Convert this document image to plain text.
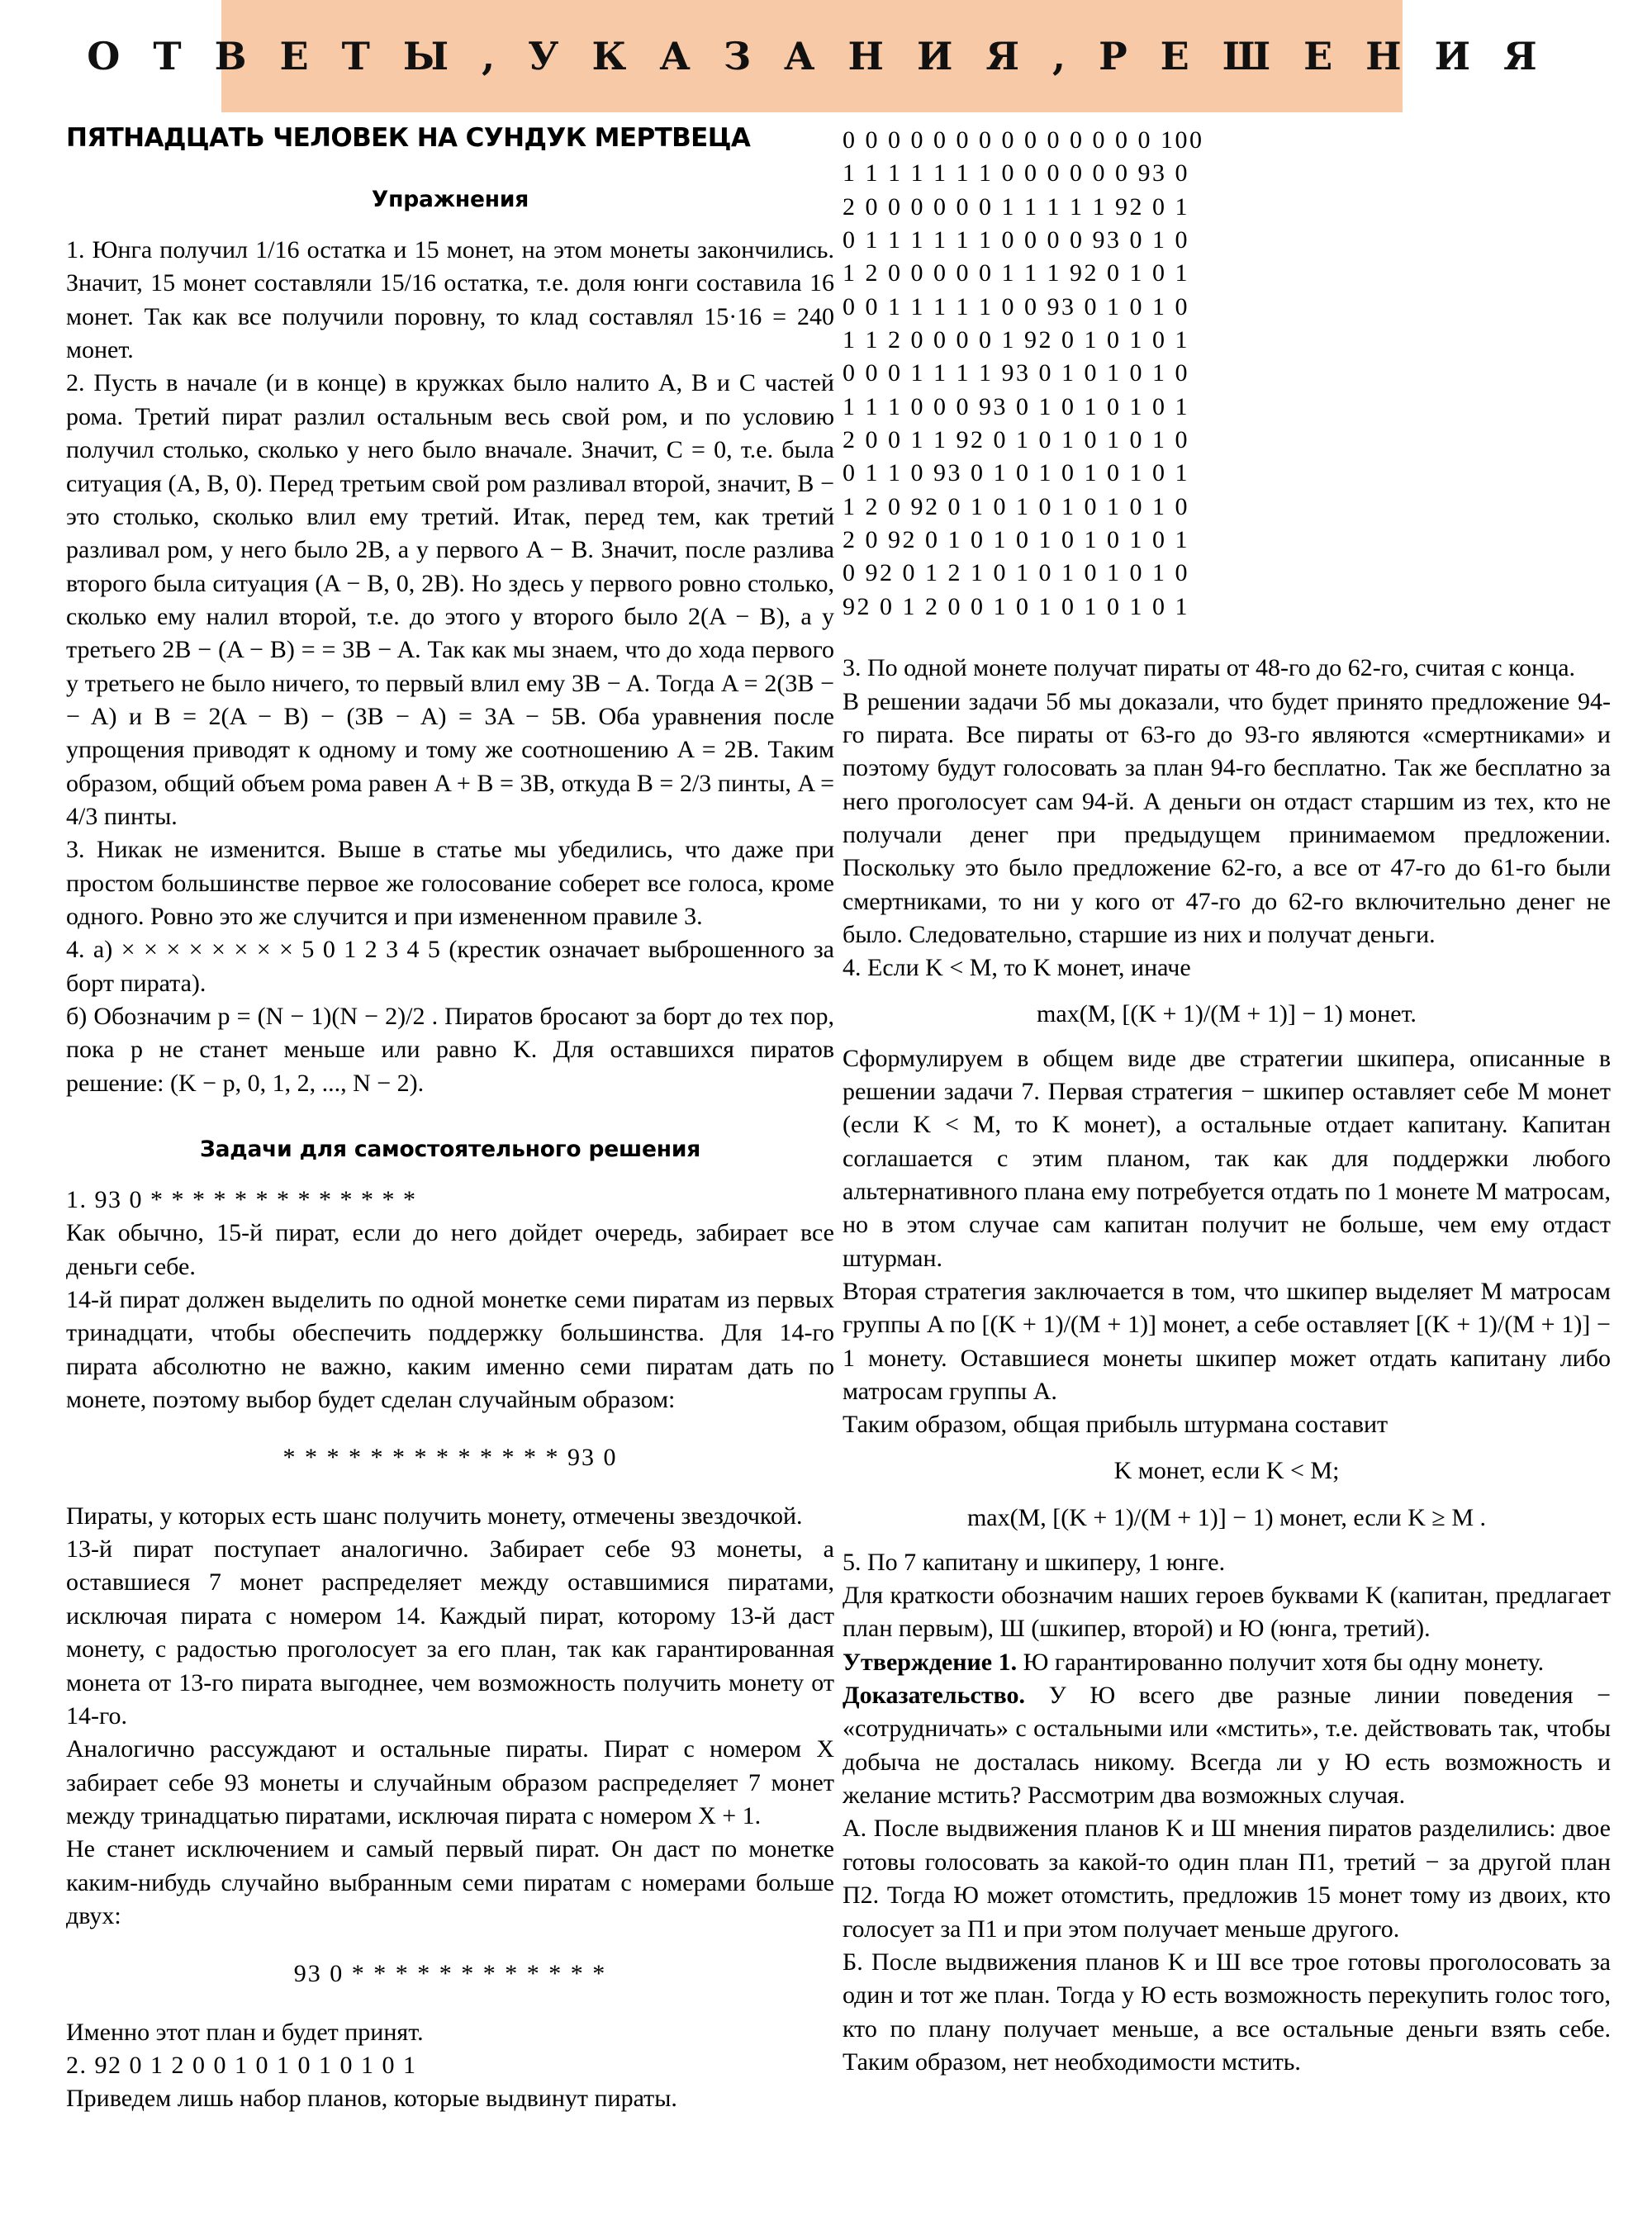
О Т В Е Т Ы , У К А З А Н И Я , Р Е Ш Е Н И Я
ПЯТНАДЦАТЬ ЧЕЛОВЕК НА СУНДУК МЕРТВЕЦА
Упражнения

1. Юнга получил 1/16 остатка и 15 монет, на этом монеты закончились. Значит, 15 монет составляли 15/16 остатка, т.е. доля юнги составила 16 монет. Так как все получили поровну, то клад составлял 15·16 = 240 монет.

2. Пусть в начале (и в конце) в кружках было налито A, B и C частей рома. Третий пират разлил остальным весь свой ром, и по условию получил столько, сколько у него было вначале. Значит, C = 0, т.е. была ситуация (A, B, 0). Перед третьим свой ром разливал второй, значит, B − это столько, сколько влил ему третий. Итак, перед тем, как третий разливал ром, у него было 2B, а у первого A − B. Значит, после разлива второго была ситуация (A − B, 0, 2B). Но здесь у первого ровно столько, сколько ему налил второй, т.е. до этого у второго было 2(A − B), а у третьего 2B − (A − B) = = 3B − A. Так как мы знаем, что до хода первого у третьего не было ничего, то первый влил ему 3B − A. Тогда A = 2(3B − − A) и B = 2(A − B) − (3B − A) = 3A − 5B. Оба уравнения после упрощения приводят к одному и тому же соотношению A = 2B. Таким образом, общий объем рома равен A + B = 3B, откуда B = 2/3 пинты, A = 4/3 пинты.

3. Никак не изменится. Выше в статье мы убедились, что даже при простом большинстве первое же голосование соберет все голоса, кроме одного. Ровно это же случится и при измененном правиле 3.

4. а) × × × × × × × × 5 0 1 2 3 4 5 (крестик означает выброшенного за борт пирата).

б) Обозначим p = (N − 1)(N − 2)/2 . Пиратов бросают за борт до тех пор, пока p не станет меньше или равно K. Для оставшихся пиратов решение: (K − p, 0, 1, 2, ..., N − 2).

Задачи для самостоятельного решения

1. 93 0 * * * * * * * * * * * * *

Как обычно, 15-й пират, если до него дойдет очередь, забирает все деньги себе.

14-й пират должен выделить по одной монетке семи пиратам из первых тринадцати, чтобы обеспечить поддержку большинства. Для 14-го пирата абсолютно не важно, каким именно семи пиратам дать по монете, поэтому выбор будет сделан случайным образом:

* * * * * * * * * * * * * 93 0

Пираты, у которых есть шанс получить монету, отмечены звездочкой.

13-й пират поступает аналогично. Забирает себе 93 монеты, а оставшиеся 7 монет распределяет между оставшимися пиратами, исключая пирата с номером 14. Каждый пират, которому 13-й даст монету, с радостью проголосует за его план, так как гарантированная монета от 13-го пирата выгоднее, чем возможность получить монету от 14-го.

Аналогично рассуждают и остальные пираты. Пират с номером X забирает себе 93 монеты и случайным образом распределяет 7 монет между тринадцатью пиратами, исключая пирата с номером X + 1.

Не станет исключением и самый первый пират. Он даст по монетке каким-нибудь случайно выбранным семи пиратам с номерами больше двух:

93 0 * * * * * * * * * * * *

Именно этот план и будет принят.

2. 92 0 1 2 0 0 1 0 1 0 1 0 1 0 1

Приведем лишь набор планов, которые выдвинут пираты.

0 0 0 0 0 0 0 0 0 0 0 0 0 0 100

1 1 1 1 1 1 1 0 0 0 0 0 0 93 0

2 0 0 0 0 0 0 1 1 1 1 1 92 0 1

0 1 1 1 1 1 1 0 0 0 0 93 0 1 0

1 2 0 0 0 0 0 1 1 1 92 0 1 0 1

0 0 1 1 1 1 1 0 0 93 0 1 0 1 0

1 1 2 0 0 0 0 1 92 0 1 0 1 0 1

0 0 0 1 1 1 1 93 0 1 0 1 0 1 0

1 1 1 0 0 0 93 0 1 0 1 0 1 0 1

2 0 0 1 1 92 0 1 0 1 0 1 0 1 0

0 1 1 0 93 0 1 0 1 0 1 0 1 0 1

1 2 0 92 0 1 0 1 0 1 0 1 0 1 0

2 0 92 0 1 0 1 0 1 0 1 0 1 0 1

0 92 0 1 2 1 0 1 0 1 0 1 0 1 0

92 0 1 2 0 0 1 0 1 0 1 0 1 0 1

3. По одной монете получат пираты от 48-го до 62-го, считая с конца.

В решении задачи 5б мы доказали, что будет принято предложение 94-го пирата. Все пираты от 63-го до 93-го являются «смертниками» и поэтому будут голосовать за план 94-го бесплатно. Так же бесплатно за него проголосует сам 94-й. А деньги он отдаст старшим из тех, кто не получали денег при предыдущем принимаемом предложении. Поскольку это было предложение 62-го, а все от 47-го до 61-го были смертниками, то ни у кого от 47-го до 62-го включительно денег не было. Следовательно, старшие из них и получат деньги.

4. Если K < M, то K монет, иначе

max(M, [(K + 1)/(M + 1)] − 1) монет.

Сформулируем в общем виде две стратегии шкипера, описанные в решении задачи 7. Первая стратегия − шкипер оставляет себе M монет (если K < M, то K монет), а остальные отдает капитану. Капитан соглашается с этим планом, так как для поддержки любого альтернативного плана ему потребуется отдать по 1 монете M матросам, но в этом случае сам капитан получит не больше, чем ему отдаст штурман.

Вторая стратегия заключается в том, что шкипер выделяет M матросам группы A по [(K + 1)/(M + 1)] монет, а себе оставляет [(K + 1)/(M + 1)] − 1 монету. Оставшиеся монеты шкипер может отдать капитану либо матросам группы A.

Таким образом, общая прибыль штурмана составит

K монет, если K < M;

max(M, [(K + 1)/(M + 1)] − 1) монет, если K ≥ M .

5. По 7 капитану и шкиперу, 1 юнге.

Для краткости обозначим наших героев буквами K (капитан, предлагает план первым), Ш (шкипер, второй) и Ю (юнга, третий).

Утверждение 1. Ю гарантированно получит хотя бы одну монету.

Доказательство. У Ю всего две разные линии поведения − «сотрудничать» с остальными или «мстить», т.е. действовать так, чтобы добыча не досталась никому. Всегда ли у Ю есть возможность и желание мстить? Рассмотрим два возможных случая.

А. После выдвижения планов K и Ш мнения пиратов разделились: двое готовы голосовать за какой-то один план П1, третий − за другой план П2. Тогда Ю может отомстить, предложив 15 монет тому из двоих, кто голосует за П1 и при этом получает меньше другого.

Б. После выдвижения планов K и Ш все трое готовы проголосовать за один и тот же план. Тогда у Ю есть возможность перекупить голос того, кто по плану получает меньше, а все остальные деньги взять себе. Таким образом, нет необходимости мстить.
